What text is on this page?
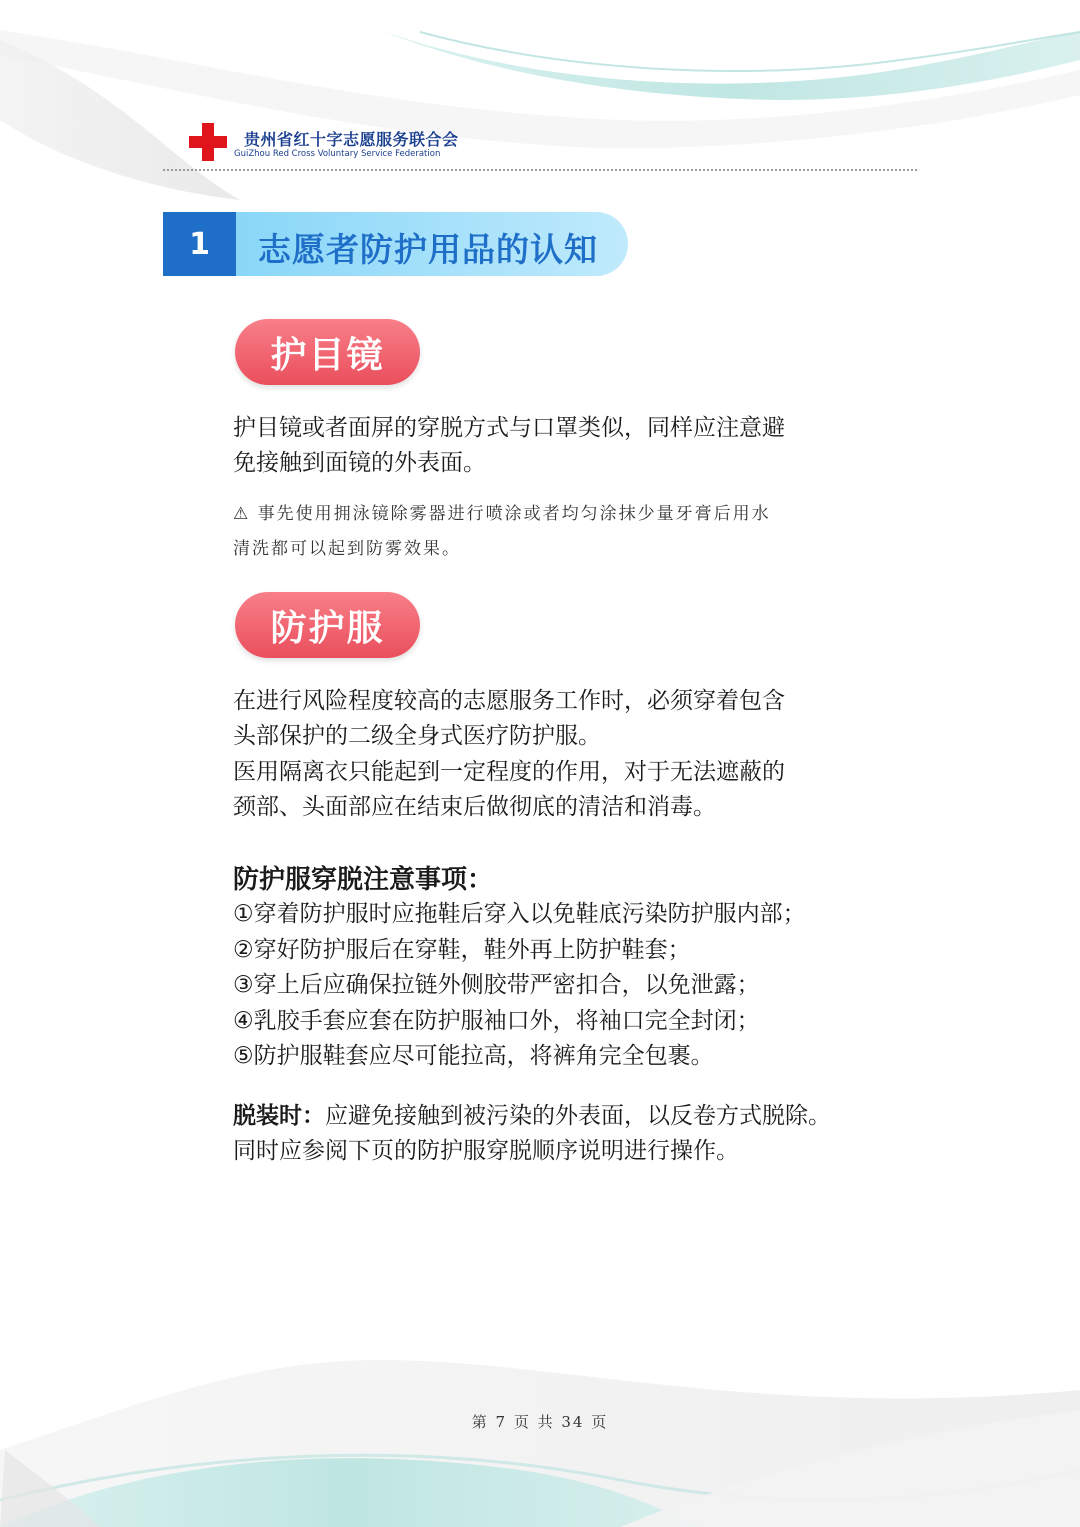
贵州省红十字志愿服务联合会
GuiZhou Red Cross Voluntary Service Federation
1	志愿者防护用品的认知
护目镜
护目镜或者面屏的穿脱方式与口罩类似，同样应注意避
免接触到面镜的外表面。
⚠ 事先使用拥泳镜除雾器进行喷涂或者均匀涂抹少量牙膏后用水
清洗都可以起到防雾效果。
防护服
在进行风险程度较高的志愿服务工作时，必须穿着包含
头部保护的二级全身式医疗防护服。
医用隔离衣只能起到一定程度的作用，对于无法遮蔽的
颈部、头面部应在结束后做彻底的清洁和消毒。
防护服穿脱注意事项：
①穿着防护服时应拖鞋后穿入以免鞋底污染防护服内部；
②穿好防护服后在穿鞋，鞋外再上防护鞋套；
③穿上后应确保拉链外侧胶带严密扣合，以免泄露；
④乳胶手套应套在防护服袖口外，将袖口完全封闭；
⑤防护服鞋套应尽可能拉高，将裤角完全包裹。
脱装时：应避免接触到被污染的外表面，以反卷方式脱除。
同时应参阅下页的防护服穿脱顺序说明进行操作。
第 7 页 共 34 页
